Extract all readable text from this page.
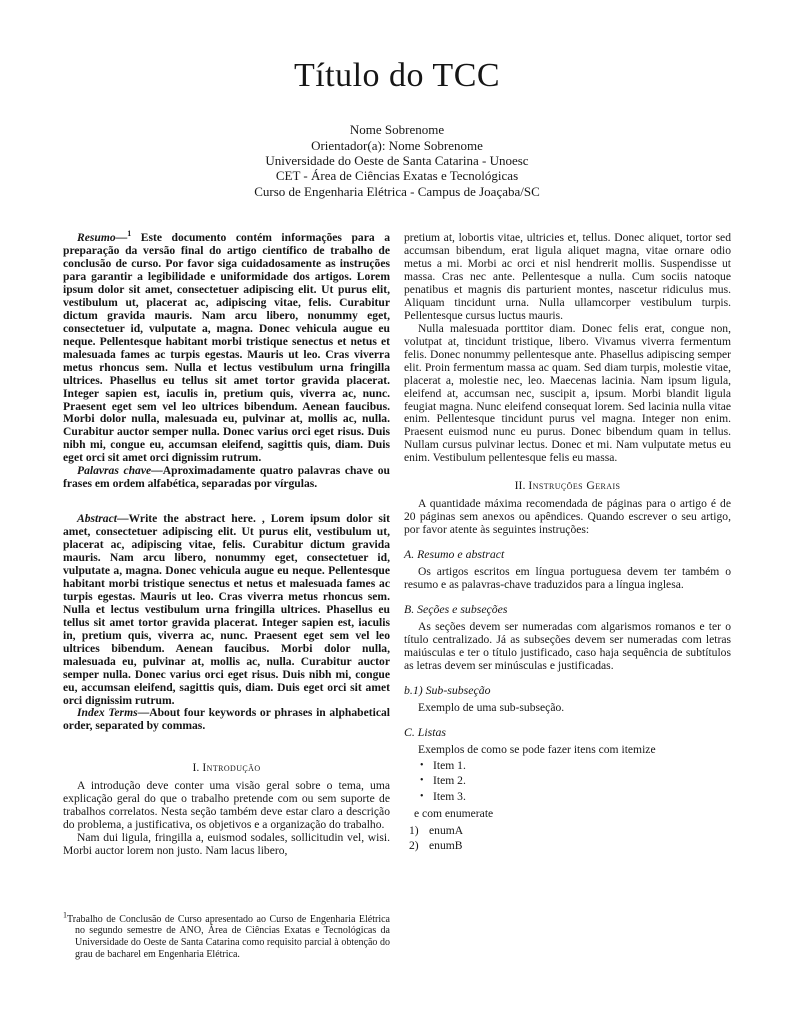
Título do TCC
Nome Sobrenome
Orientador(a): Nome Sobrenome
Universidade do Oeste de Santa Catarina - Unoesc
CET - Área de Ciências Exatas e Tecnológicas
Curso de Engenharia Elétrica - Campus de Joaçaba/SC

Resumo—$^1$ Este documento contém informações para a preparação da versão final do artigo científico de trabalho de conclusão de curso. Por favor siga cuidadosamente as instruções para garantir a legibilidade e uniformidade dos artigos. Lorem ipsum dolor sit amet, consectetuer adipiscing elit. Ut purus elit, vestibulum ut, placerat ac, adipiscing vitae, felis. Curabitur dictum gravida mauris. Nam arcu libero, nonummy eget, consectetuer id, vulputate a, magna. Donec vehicula augue eu neque. Pellentesque habitant morbi tristique senectus et netus et malesuada fames ac turpis egestas. Mauris ut leo. Cras viverra metus rhoncus sem. Nulla et lectus vestibulum urna fringilla ultrices. Phasellus eu tellus sit amet tortor gravida placerat. Integer sapien est, iaculis in, pretium quis, viverra ac, nunc. Praesent eget sem vel leo ultrices bibendum. Aenean faucibus. Morbi dolor nulla, malesuada eu, pulvinar at, mollis ac, nulla. Curabitur auctor semper nulla. Donec varius orci eget risus. Duis nibh mi, congue eu, accumsan eleifend, sagittis quis, diam. Duis eget orci sit amet orci dignissim rutrum.

Palavras chave—Aproximadamente quatro palavras chave ou frases em ordem alfabética, separadas por vírgulas.

Abstract—Write the abstract here. , Lorem ipsum dolor sit amet, consectetuer adipiscing elit. Ut purus elit, vestibulum ut, placerat ac, adipiscing vitae, felis. Curabitur dictum gravida mauris. Nam arcu libero, nonummy eget, consectetuer id, vulputate a, magna. Donec vehicula augue eu neque. Pellentesque habitant morbi tristique senectus et netus et malesuada fames ac turpis egestas. Mauris ut leo. Cras viverra metus rhoncus sem. Nulla et lectus vestibulum urna fringilla ultrices. Phasellus eu tellus sit amet tortor gravida placerat. Integer sapien est, iaculis in, pretium quis, viverra ac, nunc. Praesent eget sem vel leo ultrices bibendum. Aenean faucibus. Morbi dolor nulla, malesuada eu, pulvinar at, mollis ac, nulla. Curabitur auctor semper nulla. Donec varius orci eget risus. Duis nibh mi, congue eu, accumsan eleifend, sagittis quis, diam. Duis eget orci sit amet orci dignissim rutrum.

Index Terms—About four keywords or phrases in alphabetical order, separated by commas.

I. Introdução

A introdução deve conter uma visão geral sobre o tema, uma explicação geral do que o trabalho pretende com ou sem suporte de trabalhos correlatos. Nesta seção também deve estar claro a descrição do problema, a justificativa, os objetivos e a organização do trabalho.

Nam dui ligula, fringilla a, euismod sodales, sollicitudin vel, wisi. Morbi auctor lorem non justo. Nam lacus libero,

$^1$Trabalho de Conclusão de Curso apresentado ao Curso de Engenharia Elétrica no segundo semestre de ANO, Área de Ciências Exatas e Tecnológicas da Universidade do Oeste de Santa Catarina como requisito parcial à obtenção do grau de bacharel em Engenharia Elétrica.

pretium at, lobortis vitae, ultricies et, tellus. Donec aliquet, tortor sed accumsan bibendum, erat ligula aliquet magna, vitae ornare odio metus a mi. Morbi ac orci et nisl hendrerit mollis. Suspendisse ut massa. Cras nec ante. Pellentesque a nulla. Cum sociis natoque penatibus et magnis dis parturient montes, nascetur ridiculus mus. Aliquam tincidunt urna. Nulla ullamcorper vestibulum turpis. Pellentesque cursus luctus mauris.

Nulla malesuada porttitor diam. Donec felis erat, congue non, volutpat at, tincidunt tristique, libero. Vivamus viverra fermentum felis. Donec nonummy pellentesque ante. Phasellus adipiscing semper elit. Proin fermentum massa ac quam. Sed diam turpis, molestie vitae, placerat a, molestie nec, leo. Maecenas lacinia. Nam ipsum ligula, eleifend at, accumsan nec, suscipit a, ipsum. Morbi blandit ligula feugiat magna. Nunc eleifend consequat lorem. Sed lacinia nulla vitae enim. Pellentesque tincidunt purus vel magna. Integer non enim. Praesent euismod nunc eu purus. Donec bibendum quam in tellus. Nullam cursus pulvinar lectus. Donec et mi. Nam vulputate metus eu enim. Vestibulum pellentesque felis eu massa.

II. Instruções Gerais

A quantidade máxima recomendada de páginas para o artigo é de 20 páginas sem anexos ou apêndices. Quando escrever o seu artigo, por favor atente às seguintes instruções:

A. Resumo e abstract

Os artigos escritos em língua portuguesa devem ter também o resumo e as palavras-chave traduzidos para a língua inglesa.

B. Seções e subseções

As seções devem ser numeradas com algarismos romanos e ter o título centralizado. Já as subseções devem ser numeradas com letras maiúsculas e ter o título justificado, caso haja sequência de subtítulos as letras devem ser minúsculas e justificadas.

b.1) Sub-subseção

Exemplo de uma sub-subseção.

C. Listas

Exemplos de como se pode fazer itens com itemize

• Item 1.
• Item 2.
• Item 3.

e com enumerate

1) enumA
2) enumB
